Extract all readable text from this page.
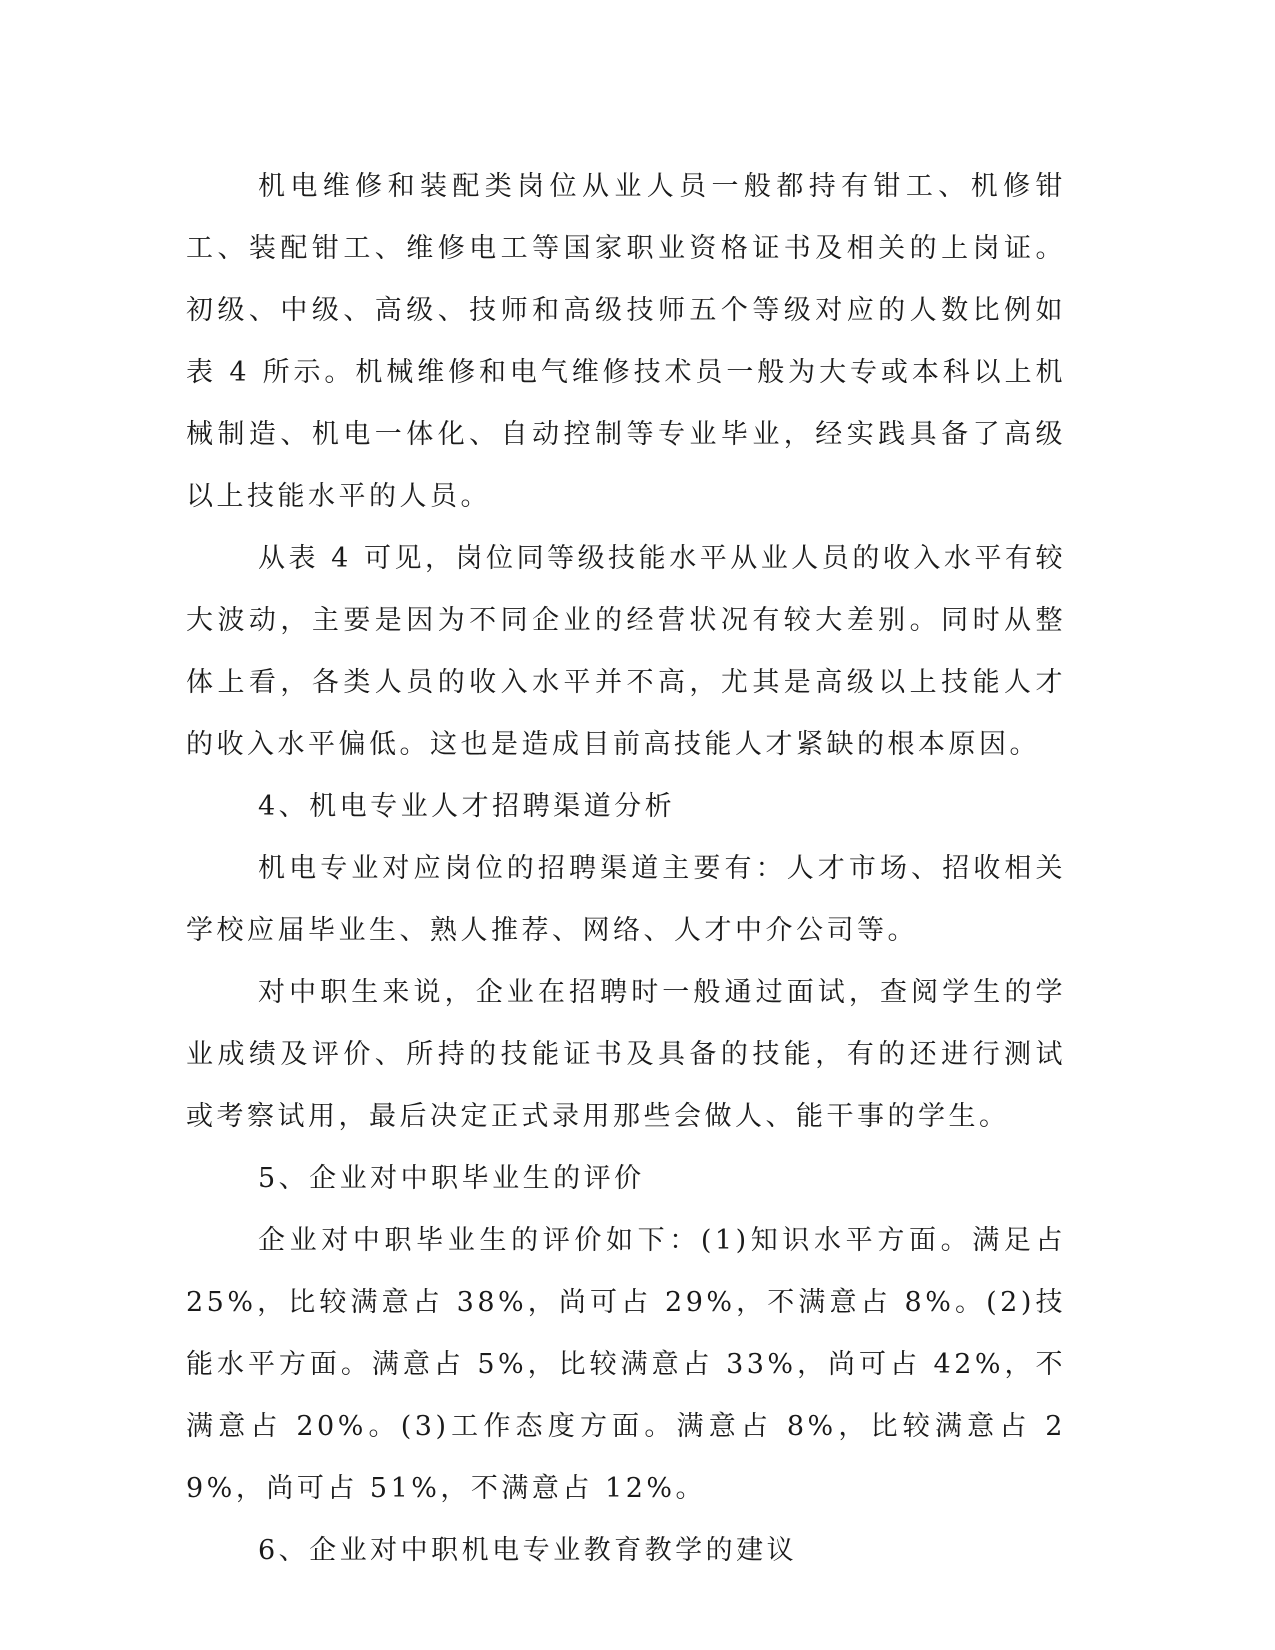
机电维修和装配类岗位从业人员一般都持有钳工、机修钳工、装配钳工、维修电工等国家职业资格证书及相关的上岗证。初级、中级、高级、技师和高级技师五个等级对应的人数比例如表 4 所示。机械维修和电气维修技术员一般为大专或本科以上机械制造、机电一体化、自动控制等专业毕业，经实践具备了高级以上技能水平的人员。

从表 4 可见，岗位同等级技能水平从业人员的收入水平有较大波动，主要是因为不同企业的经营状况有较大差别。同时从整体上看，各类人员的收入水平并不高，尤其是高级以上技能人才的收入水平偏低。这也是造成目前高技能人才紧缺的根本原因。

4、机电专业人才招聘渠道分析

机电专业对应岗位的招聘渠道主要有：人才市场、招收相关学校应届毕业生、熟人推荐、网络、人才中介公司等。

对中职生来说，企业在招聘时一般通过面试，查阅学生的学业成绩及评价、所持的技能证书及具备的技能，有的还进行测试或考察试用，最后决定正式录用那些会做人、能干事的学生。

5、企业对中职毕业生的评价

企业对中职毕业生的评价如下：(1)知识水平方面。满足占 25%，比较满意占 38%，尚可占 29%，不满意占 8%。(2)技能水平方面。满意占 5%，比较满意占 33%，尚可占 42%，不满意占 20%。(3)工作态度方面。满意占 8%，比较满意占 29%，尚可占 51%，不满意占 12%。

6、企业对中职机电专业教育教学的建议
